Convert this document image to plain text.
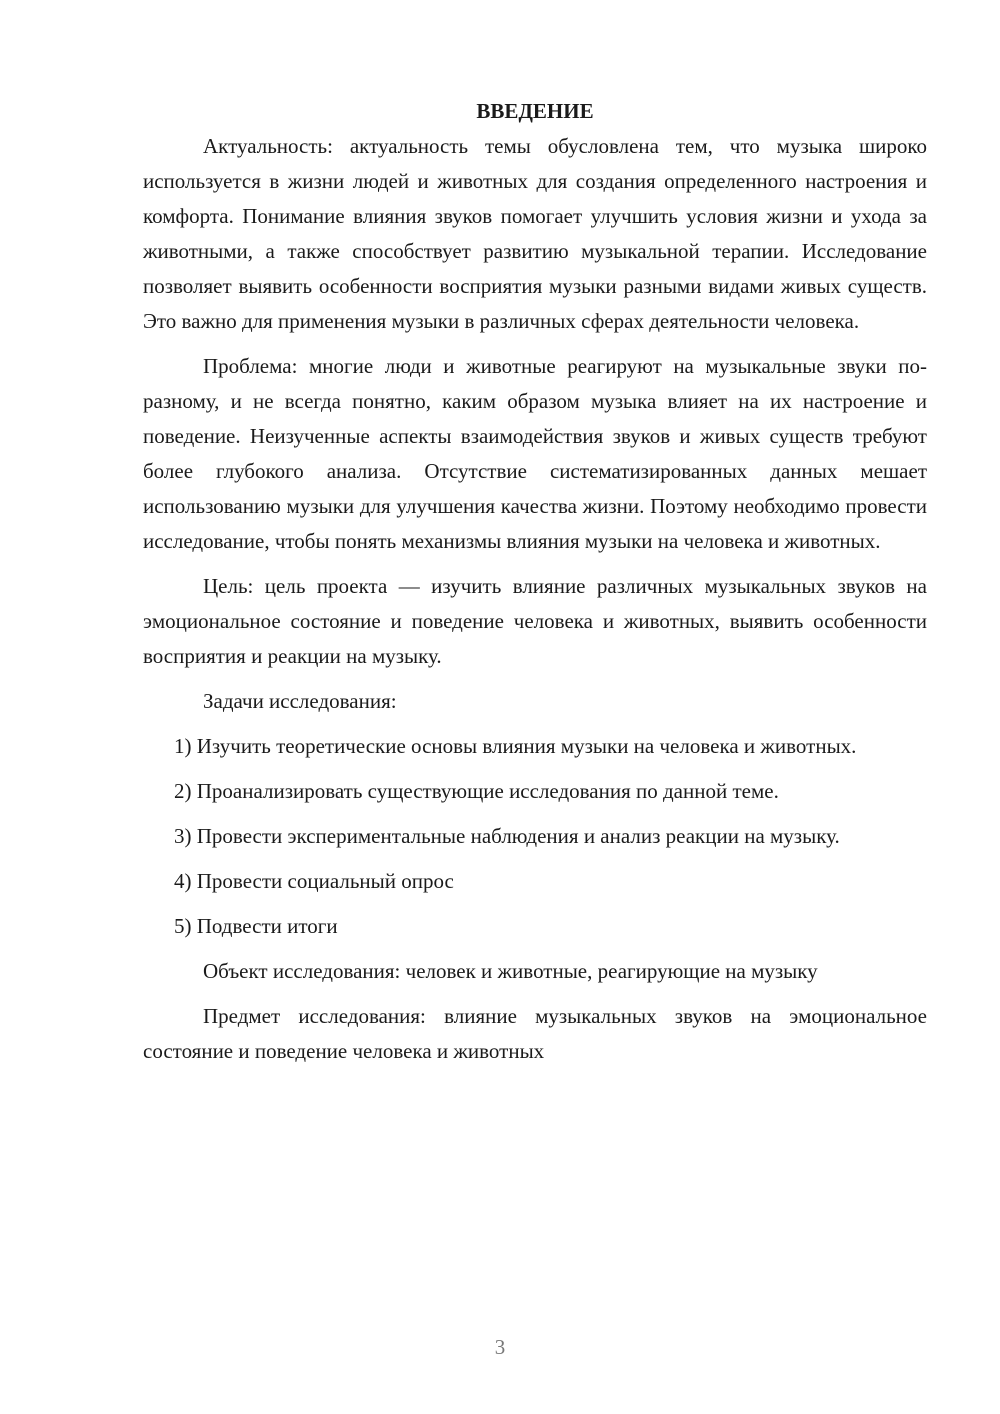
ВВЕДЕНИЕ

Актуальность: актуальность темы обусловлена тем, что музыка широко используется в жизни людей и животных для создания определенного настроения и комфорта. Понимание влияния звуков помогает улучшить условия жизни и ухода за животными, а также способствует развитию музыкальной терапии. Исследование позволяет выявить особенности восприятия музыки разными видами живых существ. Это важно для применения музыки в различных сферах деятельности человека.

Проблема: многие люди и животные реагируют на музыкальные звуки по-разному, и не всегда понятно, каким образом музыка влияет на их настроение и поведение. Неизученные аспекты взаимодействия звуков и живых существ требуют более глубокого анализа. Отсутствие систематизированных данных мешает использованию музыки для улучшения качества жизни. Поэтому необходимо провести исследование, чтобы понять механизмы влияния музыки на человека и животных.

Цель: цель проекта — изучить влияние различных музыкальных звуков на эмоциональное состояние и поведение человека и животных, выявить особенности восприятия и реакции на музыку.

Задачи исследования:

1) Изучить теоретические основы влияния музыки на человека и животных.

2) Проанализировать существующие исследования по данной теме.

3) Провести экспериментальные наблюдения и анализ реакции на музыку.

4) Провести социальный опрос

5) Подвести итоги

Объект исследования: человек и животные, реагирующие на музыку

Предмет исследования: влияние музыкальных звуков на эмоциональное состояние и поведение человека и животных

3
